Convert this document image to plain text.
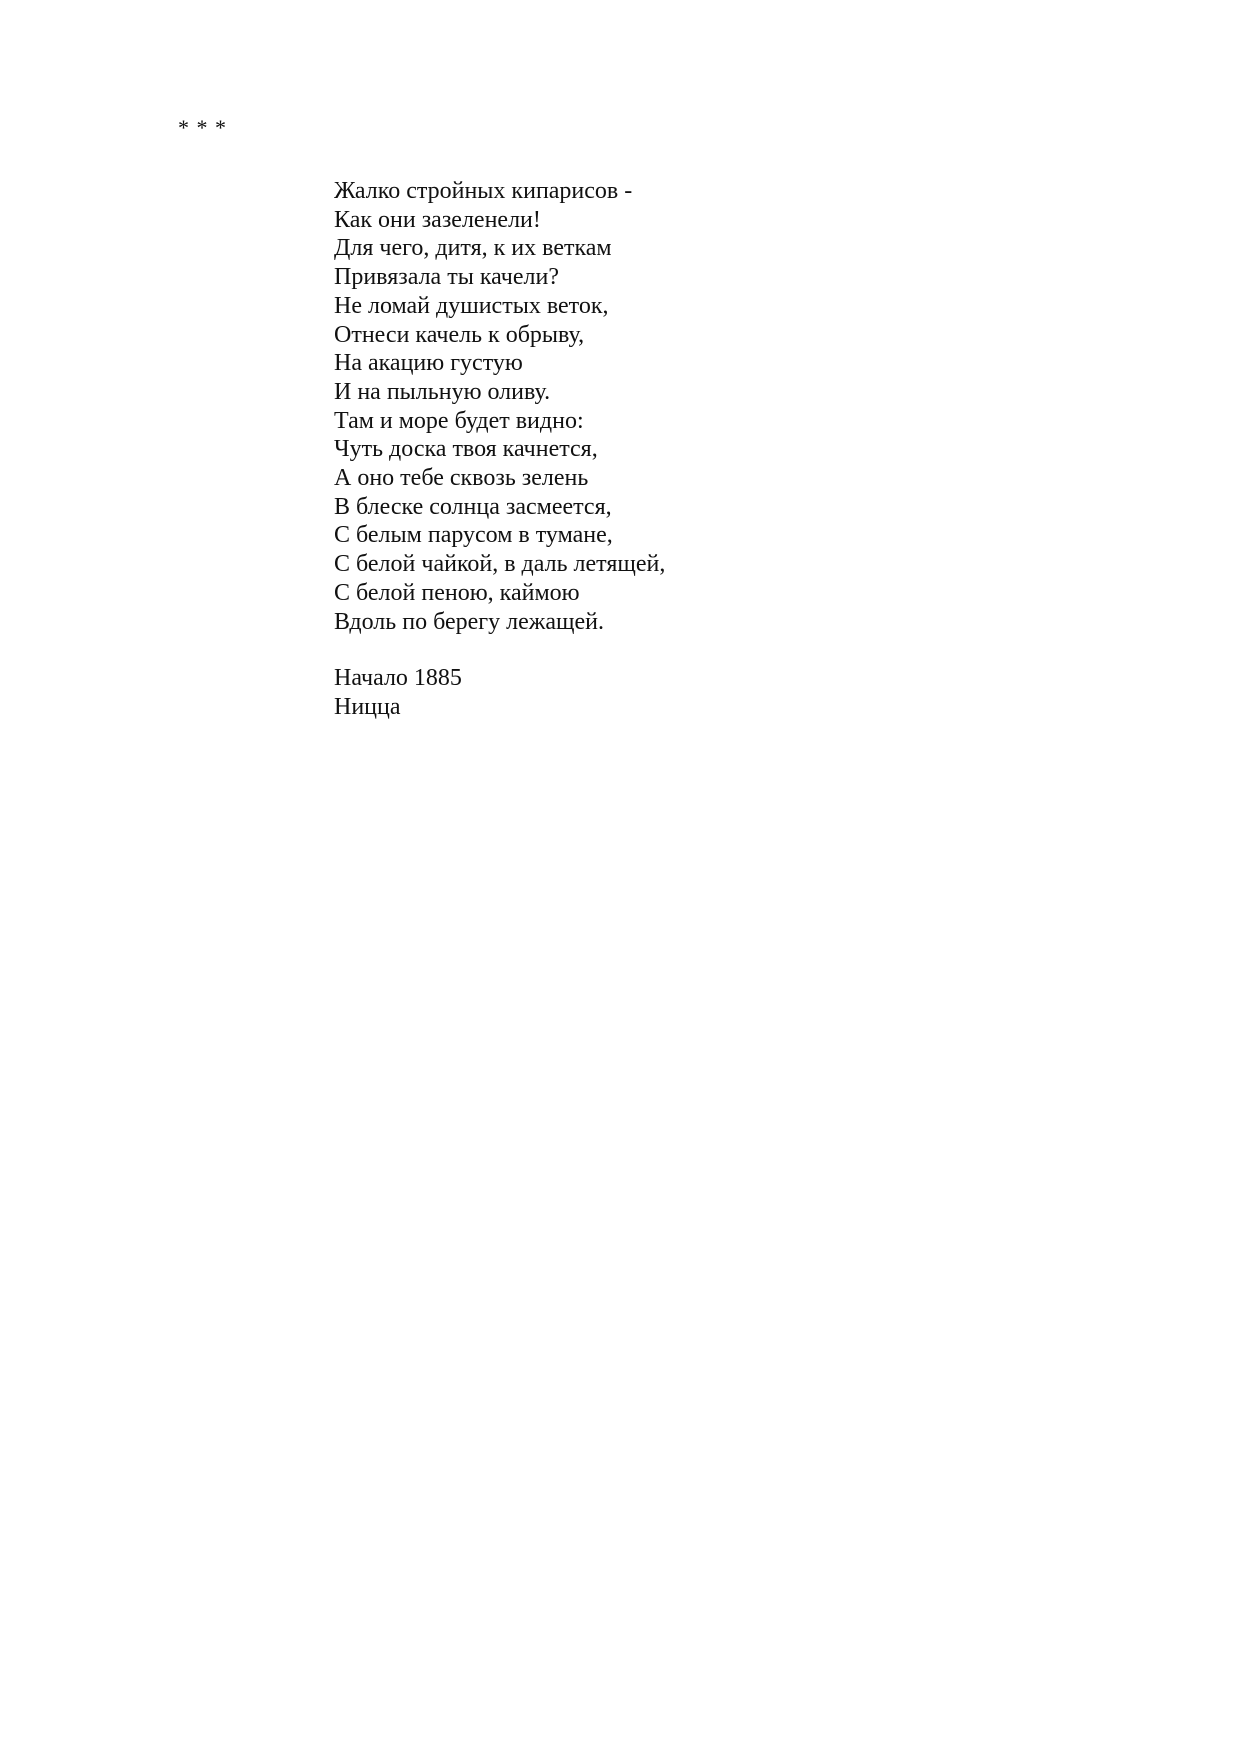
* * *

Жалко стройных кипарисов -

Как они зазеленели!

Для чего, дитя, к их веткам

Привязала ты качели?

Не ломай душистых веток,

Отнеси качель к обрыву,

На акацию густую

И на пыльную оливу.

Там и море будет видно:

Чуть доска твоя качнется,

А оно тебе сквозь зелень

В блеске солнца засмеется,

С белым парусом в тумане,

С белой чайкой, в даль летящей,

С белой пеною, каймою

Вдоль по берегу лежащей.

Начало 1885

Ницца
